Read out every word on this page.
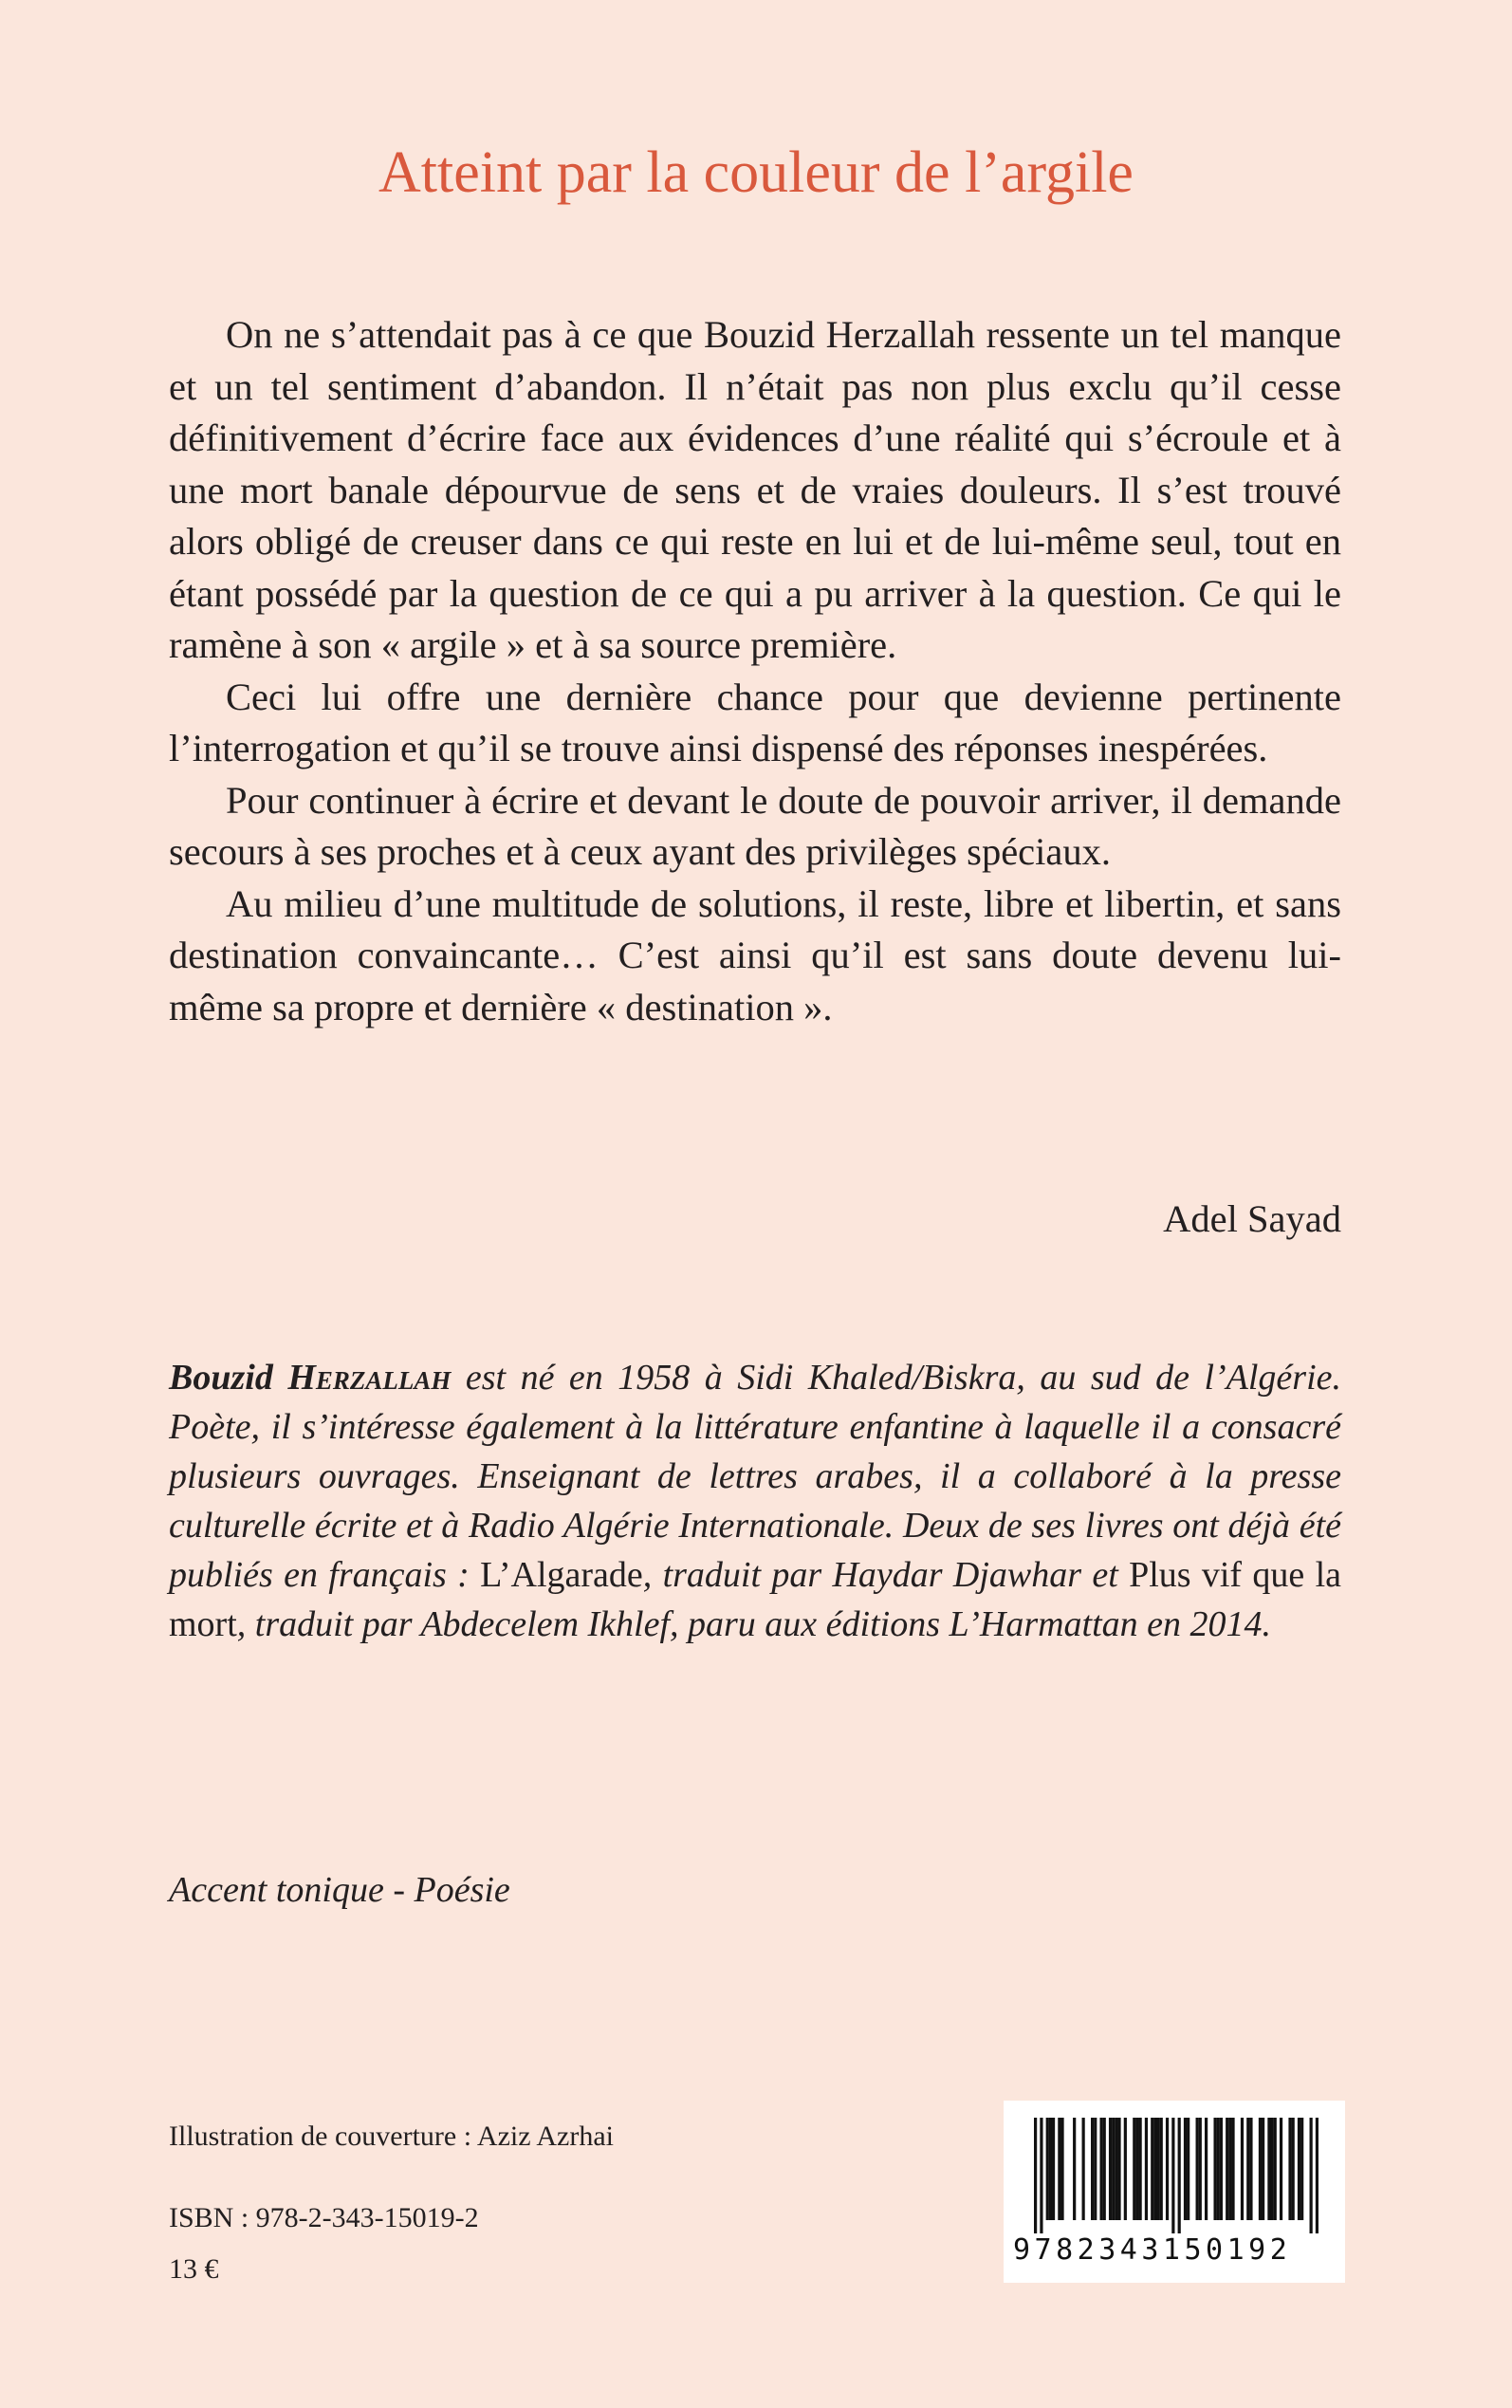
Atteint par la couleur de l’argile

On ne s’attendait pas à ce que Bouzid Herzallah ressente un tel manque et un tel sentiment d’abandon. Il n’était pas non plus exclu qu’il cesse définitivement d’écrire face aux évidences d’une réalité qui s’écroule et à une mort banale dépourvue de sens et de vraies douleurs. Il s’est trouvé alors obligé de creuser dans ce qui reste en lui et de lui-même seul, tout en étant possédé par la question de ce qui a pu arriver à la question. Ce qui le ramène à son « argile » et à sa source première.

Ceci lui offre une dernière chance pour que devienne pertinente l’interrogation et qu’il se trouve ainsi dispensé des réponses inespérées.

Pour continuer à écrire et devant le doute de pouvoir arriver, il demande secours à ses proches et à ceux ayant des privilèges spéciaux.

Au milieu d’une multitude de solutions, il reste, libre et libertin, et sans destination convaincante… C’est ainsi qu’il est sans doute devenu lui-même sa propre et dernière « destination ».

Adel Sayad
Bouzid Herzallah est né en 1958 à Sidi Khaled/Biskra, au sud de l’Algérie. Poète, il s’intéresse également à la littérature enfantine à laquelle il a consacré plusieurs ouvrages. Enseignant de lettres arabes, il a collaboré à la presse culturelle écrite et à Radio Algérie Internationale. Deux de ses livres ont déjà été publiés en français : L’Algarade, traduit par Haydar Djawhar et Plus vif que la mort, traduit par Abdecelem Ikhlef, paru aux éditions L’Harmattan en 2014.
Accent tonique - Poésie
Illustration de couverture : Aziz Azrhai
ISBN : 978-2-343-15019-2
13 €
9782343150192
